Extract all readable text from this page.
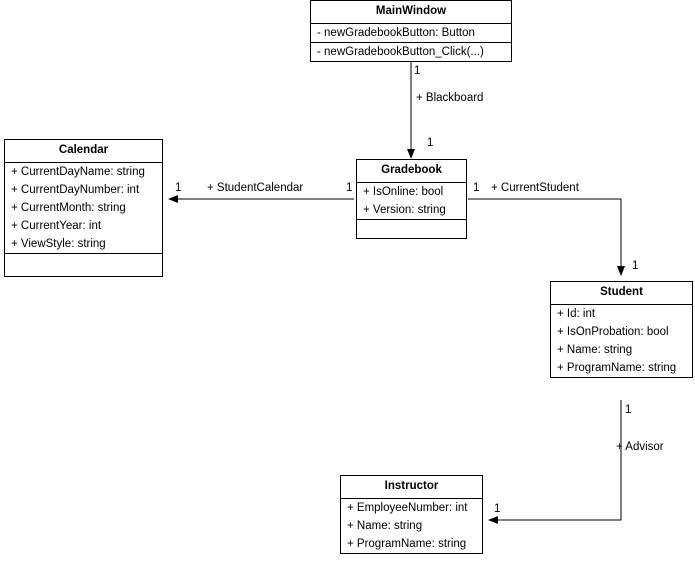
MainWindow
- newGradebookButton: Button
- newGradebookButton_Click(...)
Calendar
+ CurrentDayName: string
+ CurrentDayNumber: int
+ CurrentMonth: string
+ CurrentYear: int
+ ViewStyle: string
Gradebook
+ IsOnline: bool
+ Version: string
Student
+ Id: int
+ IsOnProbation: bool
+ Name: string
+ ProgramName: string
Instructor
+ EmployeeNumber: int
+ Name: string
+ ProgramName: string
+ Blackboard
+ StudentCalendar	+ CurrentStudent
+ Advisor
1
1
1
1	1
1
1
1
